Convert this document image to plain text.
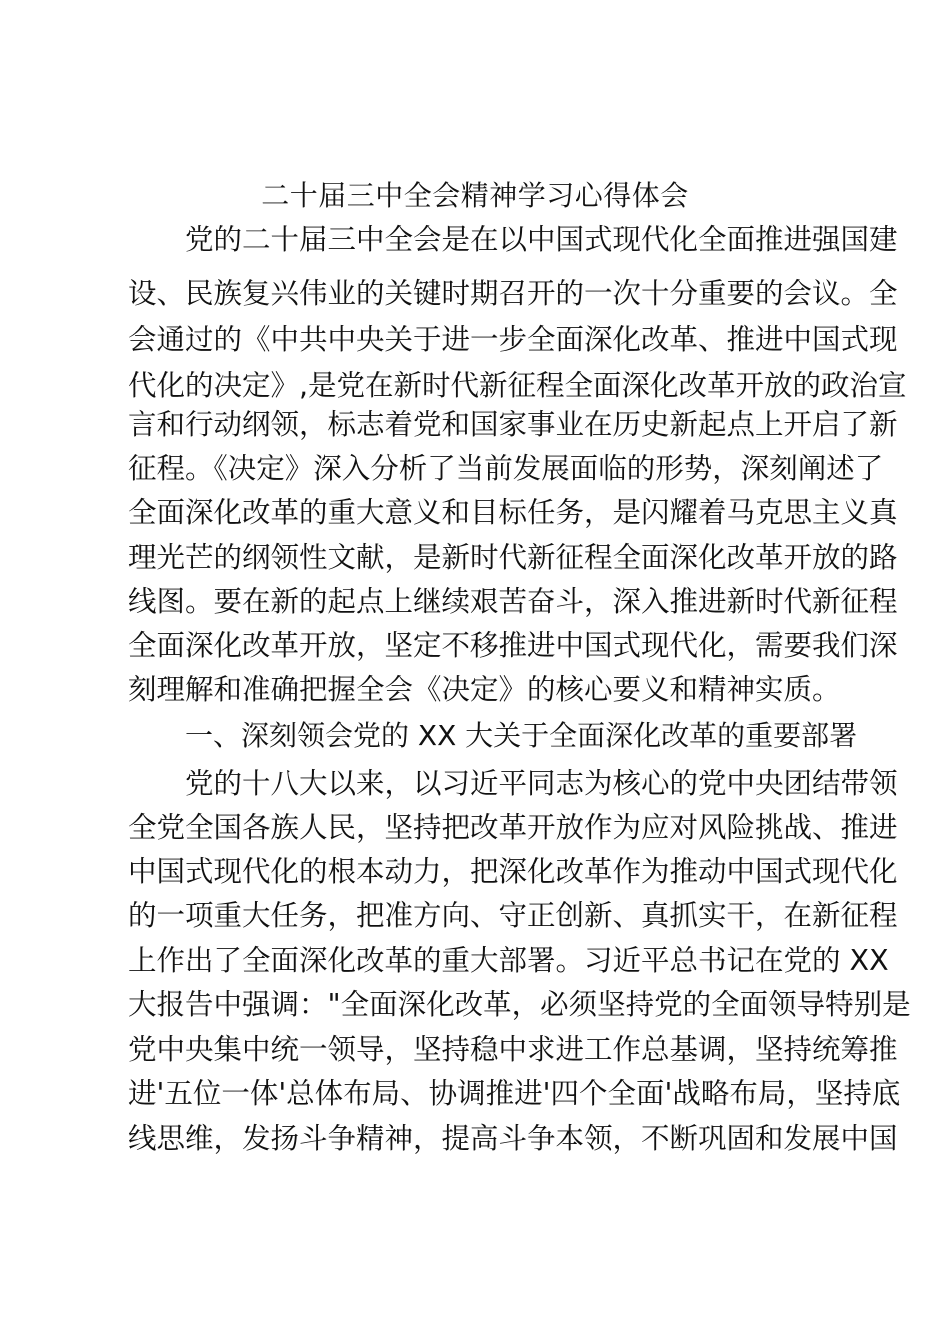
二十届三中全会精神学习心得体会

党的二十届三中全会是在以中国式现代化全面推进强国建

设、民族复兴伟业的关键时期召开的一次十分重要的会议。全

会通过的《中共中央关于进一步全面深化改革、推进中国式现

代化的决定》,是党在新时代新征程全面深化改革开放的政治宣

言和行动纲领，标志着党和国家事业在历史新起点上开启了新

征程。《决定》深入分析了当前发展面临的形势，深刻阐述了

全面深化改革的重大意义和目标任务，是闪耀着马克思主义真

理光芒的纲领性文献，是新时代新征程全面深化改革开放的路

线图。要在新的起点上继续艰苦奋斗，深入推进新时代新征程

全面深化改革开放，坚定不移推进中国式现代化，需要我们深

刻理解和准确把握全会《决定》的核心要义和精神实质。

一、深刻领会党的 XX 大关于全面深化改革的重要部署

党的十八大以来，以习近平同志为核心的党中央团结带领

全党全国各族人民，坚持把改革开放作为应对风险挑战、推进

中国式现代化的根本动力，把深化改革作为推动中国式现代化

的一项重大任务，把准方向、守正创新、真抓实干，在新征程

上作出了全面深化改革的重大部署。习近平总书记在党的 XX

大报告中强调："全面深化改革，必须坚持党的全面领导特别是

党中央集中统一领导，坚持稳中求进工作总基调，坚持统筹推

进'五位一体'总体布局、协调推进'四个全面'战略布局，坚持底

线思维，发扬斗争精神，提高斗争本领，不断巩固和发展中国
